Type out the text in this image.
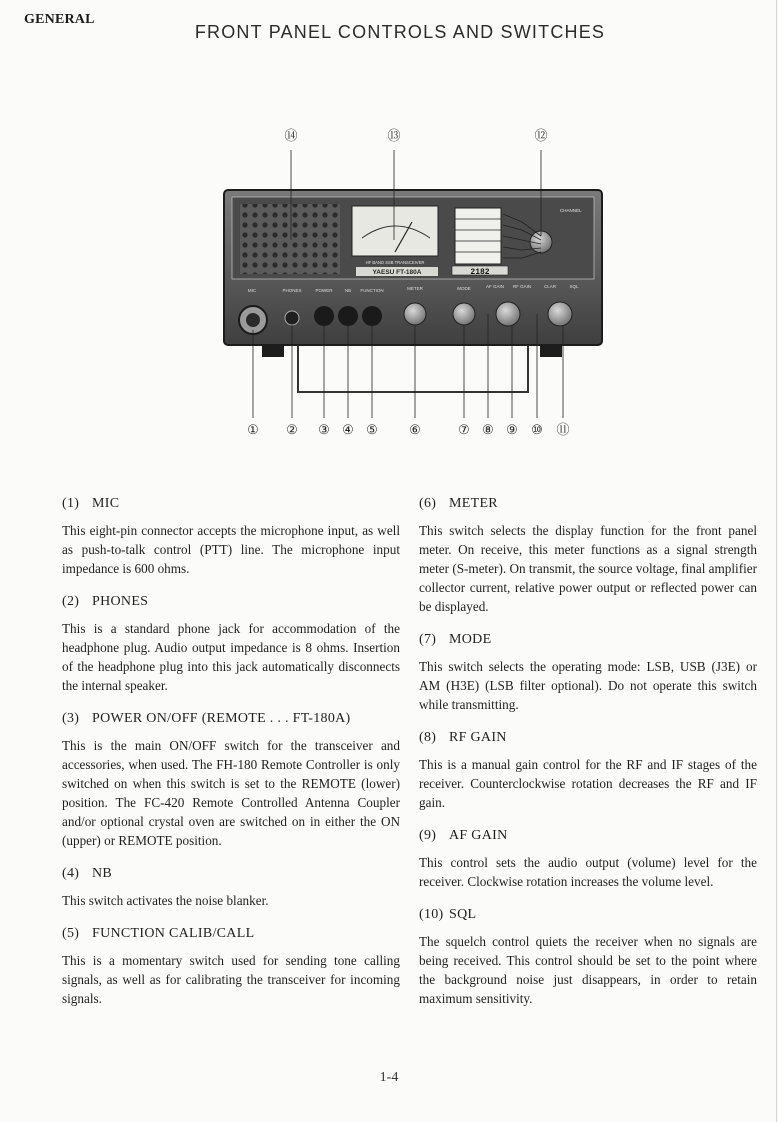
GENERAL
FRONT PANEL CONTROLS AND SWITCHES
⑭	⑬	⑫
HF BAND SSB TRANSCEIVER
YAESU FT-180A
CHANNEL
2182
MIC	PHONES	POWER	NB FUNCTION	METER	MODE	AF GAIN RF GAIN	CLAR	SQL
① ② ③ ④ ⑤ ⑥	⑦ ⑧ ⑨ ⑩ ⑪

(1) MIC

This eight-pin connector accepts the microphone input, as well as push-to-talk control (PTT) line. The microphone input impedance is 600 ohms.

(2) PHONES

This is a standard phone jack for accommodation of the headphone plug. Audio output impedance is 8 ohms. Insertion of the headphone plug into this jack automatically disconnects the internal speaker.

(3) POWER ON/OFF (REMOTE . . . FT-180A)

This is the main ON/OFF switch for the transceiver and accessories, when used. The FH-180 Remote Controller is only switched on when this switch is set to the REMOTE (lower) position. The FC-420 Remote Controlled Antenna Coupler and/or optional crystal oven are switched on in either the ON (upper) or REMOTE position.

(4) NB

This switch activates the noise blanker.

(5) FUNCTION CALIB/CALL

This is a momentary switch used for sending tone calling signals, as well as for calibrating the transceiver for incoming signals.

(6) METER

This switch selects the display function for the front panel meter. On receive, this meter functions as a signal strength meter (S-meter). On transmit, the source voltage, final amplifier collector current, relative power output or reflected power can be displayed.

(7) MODE

This switch selects the operating mode: LSB, USB (J3E) or AM (H3E) (LSB filter optional). Do not operate this switch while transmitting.

(8) RF GAIN

This is a manual gain control for the RF and IF stages of the receiver. Counterclockwise rotation decreases the RF and IF gain.

(9) AF GAIN

This control sets the audio output (volume) level for the receiver. Clockwise rotation increases the volume level.

(10) SQL

The squelch control quiets the receiver when no signals are being received. This control should be set to the point where the background noise just disappears, in order to retain maximum sensitivity.

1-4
